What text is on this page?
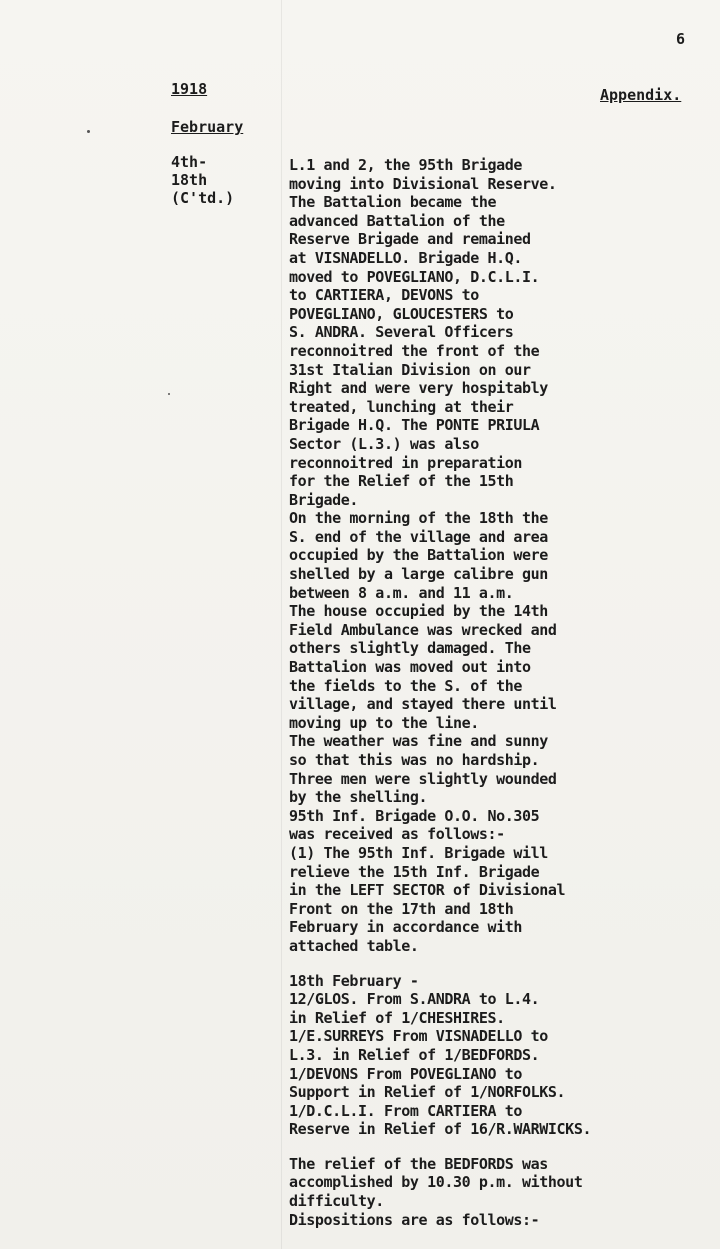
6
1918	Appendix.
February
4th-
18th
(C'td.)
L.1 and 2, the 95th Brigade
moving into Divisional Reserve.
The Battalion became the
advanced Battalion of the
Reserve Brigade and remained
at VISNADELLO. Brigade H.Q.
moved to POVEGLIANO, D.C.L.I.
to CARTIERA, DEVONS to
POVEGLIANO, GLOUCESTERS to
S. ANDRA. Several Officers
reconnoitred the front of the
31st Italian Division on our
Right and were very hospitably
treated, lunching at their
Brigade H.Q. The PONTE PRIULA
Sector (L.3.) was also
reconnoitred in preparation
for the Relief of the 15th
Brigade.
On the morning of the 18th the
S. end of the village and area
occupied by the Battalion were
shelled by a large calibre gun
between 8 a.m. and 11 a.m.
The house occupied by the 14th
Field Ambulance was wrecked and
others slightly damaged. The
Battalion was moved out into
the fields to the S. of the
village, and stayed there until
moving up to the line.
The weather was fine and sunny
so that this was no hardship.
Three men were slightly wounded
by the shelling.
95th Inf. Brigade O.O. No.305
was received as follows:-
(1) The 95th Inf. Brigade will
relieve the 15th Inf. Brigade
in the LEFT SECTOR of Divisional
Front on the 17th and 18th
February in accordance with
attached table.
18th February -
12/GLOS. From S.ANDRA to L.4.
in Relief of 1/CHESHIRES.
1/E.SURREYS From VISNADELLO to
L.3. in Relief of 1/BEDFORDS.
1/DEVONS From POVEGLIANO to
Support in Relief of 1/NORFOLKS.
1/D.C.L.I. From CARTIERA to
Reserve in Relief of 16/R.WARWICKS.
The relief of the BEDFORDS was
accomplished by 10.30 p.m. without
difficulty.
Dispositions are as follows:-
